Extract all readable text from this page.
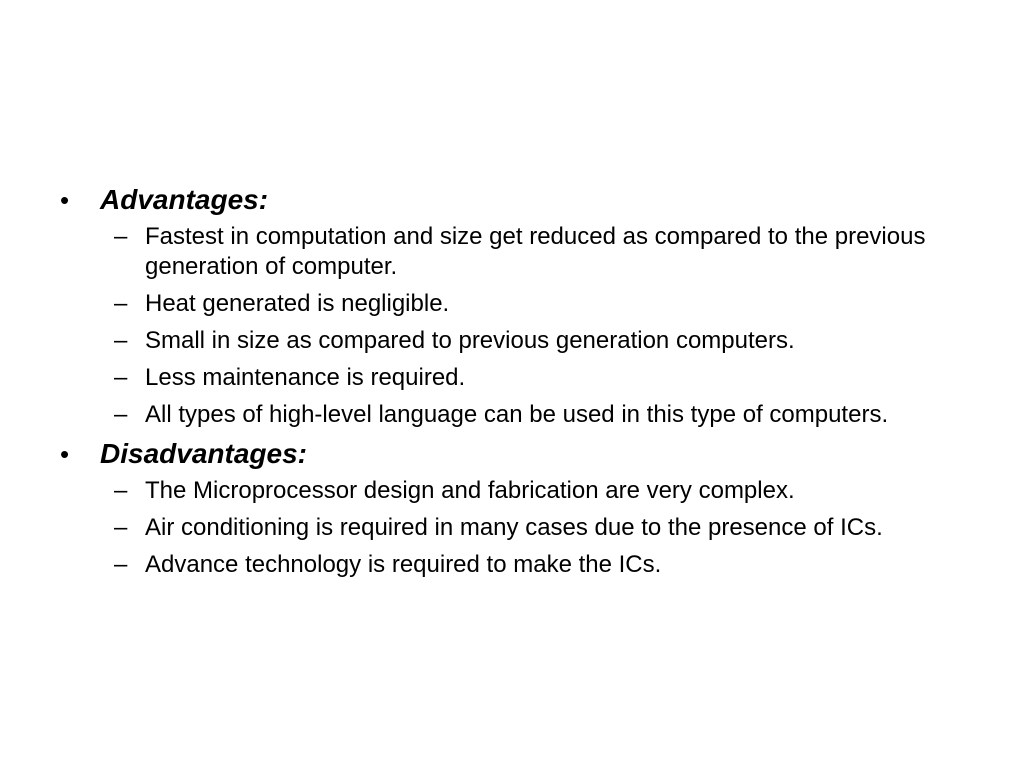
•	Advantages:
– Fastest in computation and size get reduced as compared to the previous generation of computer.
– Heat generated is negligible.
– Small in size as compared to previous generation computers.
– Less maintenance is required.
– All types of high-level language can be used in this type of computers.
•	Disadvantages:
– The Microprocessor design and fabrication are very complex.
– Air conditioning is required in many cases due to the presence of ICs.
– Advance technology is required to make the ICs.
